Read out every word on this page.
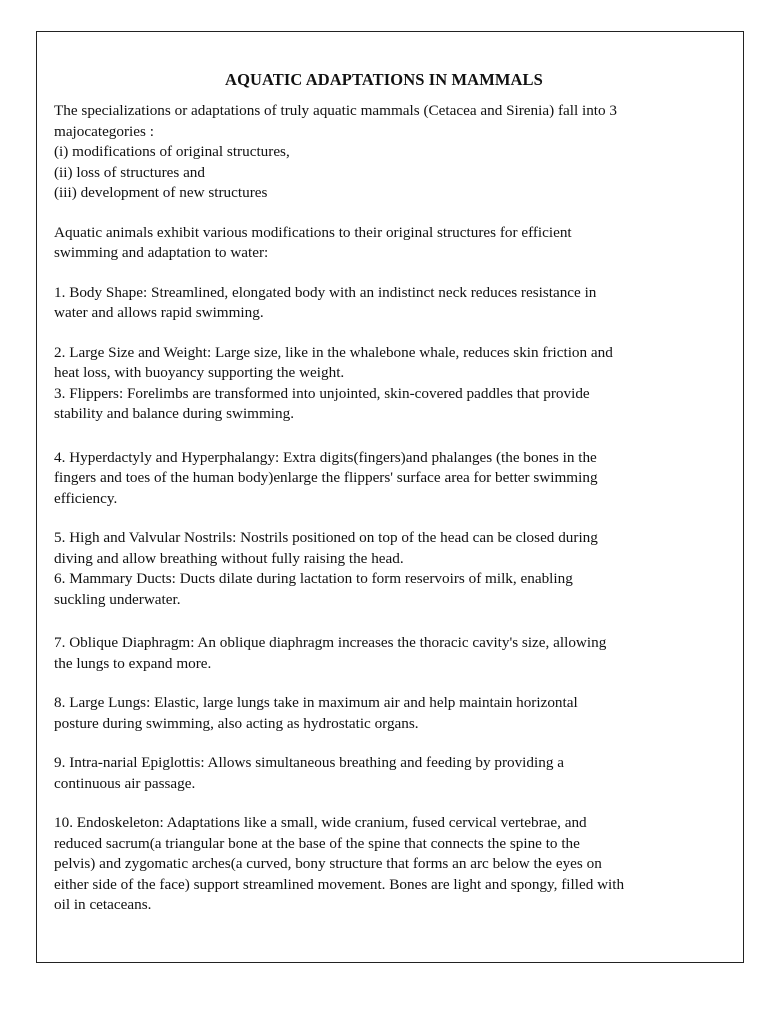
AQUATIC ADAPTATIONS IN MAMMALS
The specializations or adaptations of truly aquatic mammals (Cetacea and Sirenia) fall into 3
majocategories :
(i) modifications of original structures,
(ii) loss of structures and
(iii) development of new structures
Aquatic animals exhibit various modifications to their original structures for efficient
swimming and adaptation to water:
1. Body Shape: Streamlined, elongated body with an indistinct neck reduces resistance in
water and allows rapid swimming.
2. Large Size and Weight: Large size, like in the whalebone whale, reduces skin friction and
heat loss, with buoyancy supporting the weight.
3. Flippers: Forelimbs are transformed into unjointed, skin-covered paddles that provide
stability and balance during swimming.
4. Hyperdactyly and Hyperphalangy: Extra digits(fingers)and phalanges (the bones in the
fingers and toes of the human body)enlarge the flippers' surface area for better swimming
efficiency.
5. High and Valvular Nostrils: Nostrils positioned on top of the head can be closed during
diving and allow breathing without fully raising the head.
6. Mammary Ducts: Ducts dilate during lactation to form reservoirs of milk, enabling
suckling underwater.
7. Oblique Diaphragm: An oblique diaphragm increases the thoracic cavity's size, allowing
the lungs to expand more.
8. Large Lungs: Elastic, large lungs take in maximum air and help maintain horizontal
posture during swimming, also acting as hydrostatic organs.
9. Intra-narial Epiglottis: Allows simultaneous breathing and feeding by providing a
continuous air passage.
10. Endoskeleton: Adaptations like a small, wide cranium, fused cervical vertebrae, and
reduced sacrum(a triangular bone at the base of the spine that connects the spine to the
pelvis) and zygomatic arches(a curved, bony structure that forms an arc below the eyes on
either side of the face) support streamlined movement. Bones are light and spongy, filled with
oil in cetaceans.
